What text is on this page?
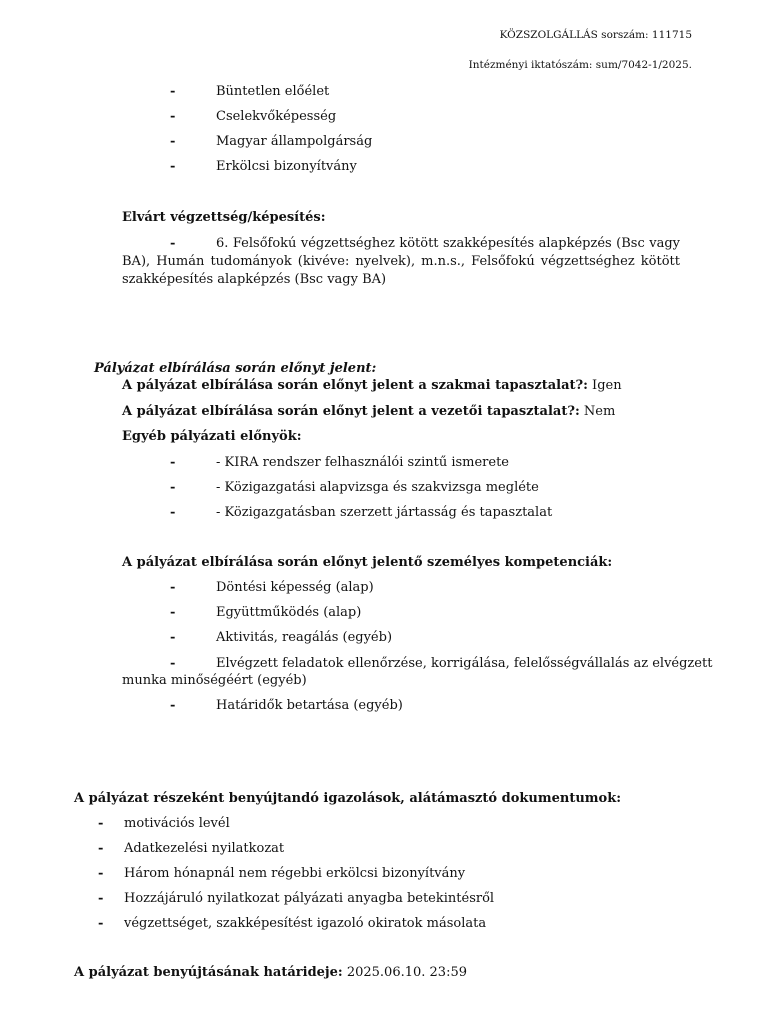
KÖZSZOLGÁLLÁS sorszám: 111715
Intézményi iktatószám: sum/7042-1/2025.
-	Büntetlen előélet
-	Cselekvőképesség
-	Magyar állampolgárság
-	Erkölcsi bizonyítvány
Elvárt végzettség/képesítés:
-	6. Felsőfokú végzettséghez kötött szakképesítés alapképzés (Bsc vagy BA), Humán tudományok (kivéve: nyelvek), m.n.s., Felsőfokú végzettséghez kötött szakképesítés alapképzés (Bsc vagy BA)
Pályázat elbírálása során előnyt jelent:
A pályázat elbírálása során előnyt jelent a szakmai tapasztalat?: Igen
A pályázat elbírálása során előnyt jelent a vezetői tapasztalat?: Nem
Egyéb pályázati előnyök:
-	- KIRA rendszer felhasználói szintű ismerete
-	- Közigazgatási alapvizsga és szakvizsga megléte
-	- Közigazgatásban szerzett jártasság és tapasztalat
A pályázat elbírálása során előnyt jelentő személyes kompetenciák:
-	Döntési képesség (alap)
-	Együttműködés (alap)
-	Aktivitás, reagálás (egyéb)
-	Elvégzett feladatok ellenőrzése, korrigálása, felelősségvállalás az elvégzett
munka minőségéért (egyéb)
-	Határidők betartása (egyéb)
A pályázat részeként benyújtandó igazolások, alátámasztó dokumentumok:
- motivációs levél
- Adatkezelési nyilatkozat
- Három hónapnál nem régebbi erkölcsi bizonyítvány
- Hozzájáruló nyilatkozat pályázati anyagba betekintésről
- végzettséget, szakképesítést igazoló okiratok másolata
A pályázat benyújtásának határideje: 2025.06.10. 23:59
